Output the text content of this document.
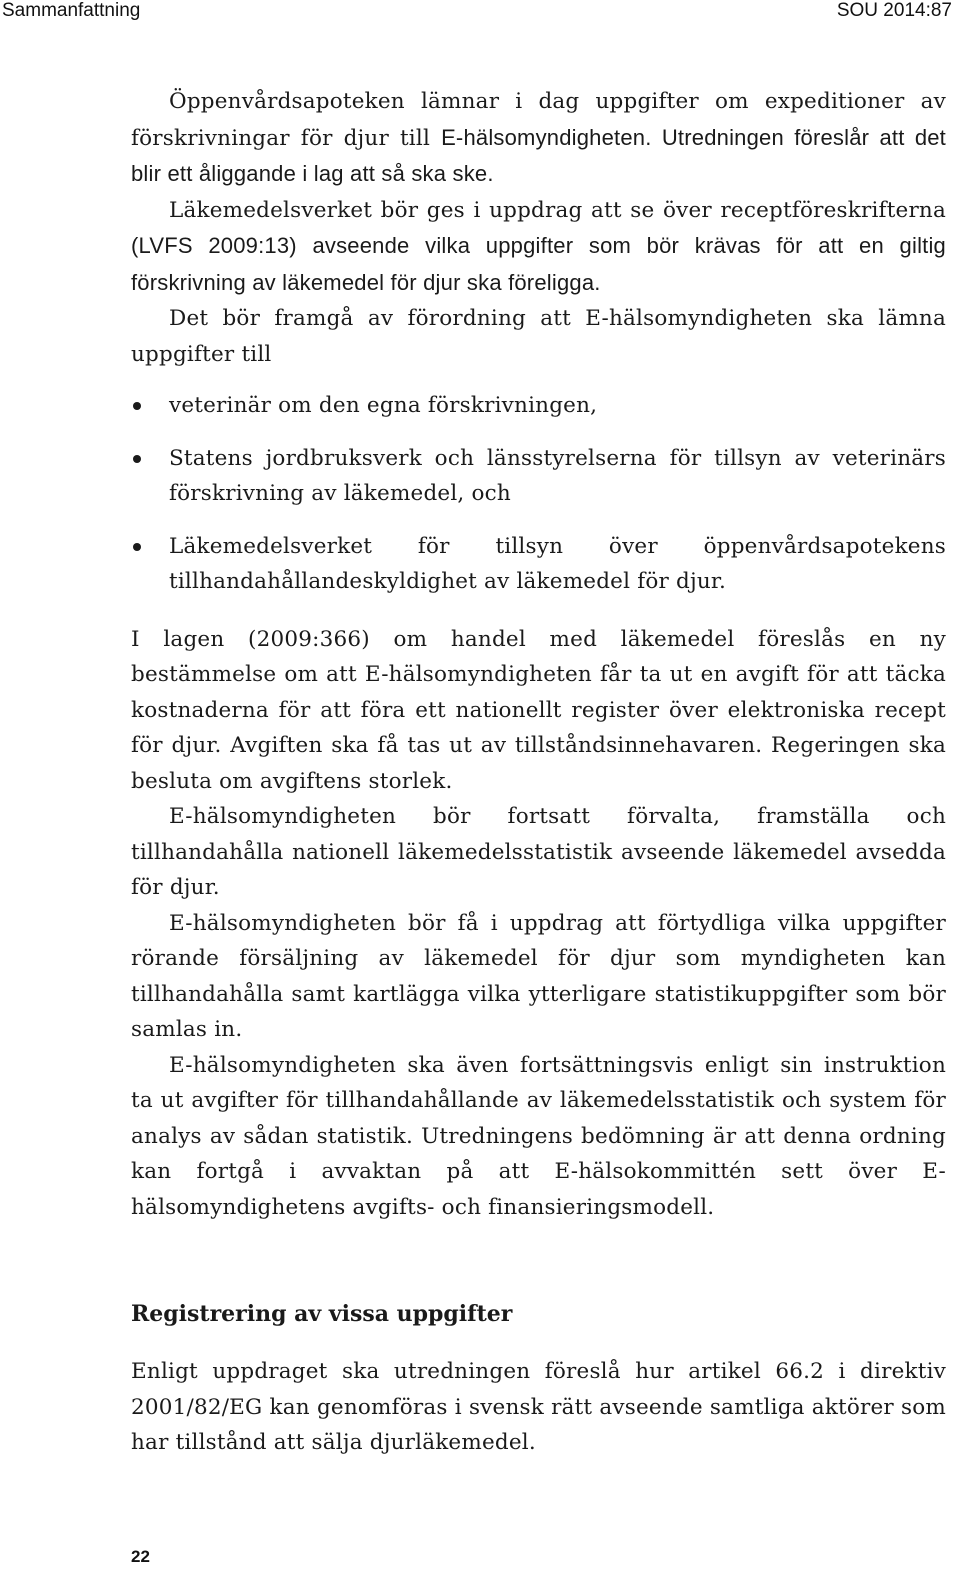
Sammanfattning	SOU 2014:87

Öppenvårdsapoteken lämnar i dag uppgifter om expeditioner av förskrivningar för djur till E-hälsomyndigheten. Utredningen föreslår att det blir ett åliggande i lag att så ska ske.

Läkemedelsverket bör ges i uppdrag att se över receptföreskrifterna (LVFS 2009:13) avseende vilka uppgifter som bör krävas för att en giltig förskrivning av läkemedel för djur ska föreligga.

Det bör framgå av förordning att E-hälsomyndigheten ska lämna uppgifter till

veterinär om den egna förskrivningen,
Statens jordbruksverk och länsstyrelserna för tillsyn av veterinärs förskrivning av läkemedel, och
Läkemedelsverket för tillsyn över öppenvårdsapotekens tillhandahållandeskyldighet av läkemedel för djur.

I lagen (2009:366) om handel med läkemedel föreslås en ny bestämmelse om att E-hälsomyndigheten får ta ut en avgift för att täcka kostnaderna för att föra ett nationellt register över elektroniska recept för djur. Avgiften ska få tas ut av tillståndsinnehavaren. Regeringen ska besluta om avgiftens storlek.

E-hälsomyndigheten bör fortsatt förvalta, framställa och tillhandahålla nationell läkemedelsstatistik avseende läkemedel avsedda för djur.

E-hälsomyndigheten bör få i uppdrag att förtydliga vilka uppgifter rörande försäljning av läkemedel för djur som myndigheten kan tillhandahålla samt kartlägga vilka ytterligare statistikuppgifter som bör samlas in.

E-hälsomyndigheten ska även fortsättningsvis enligt sin instruktion ta ut avgifter för tillhandahållande av läkemedelsstatistik och system för analys av sådan statistik. Utredningens bedömning är att denna ordning kan fortgå i avvaktan på att E-hälsokommittén sett över E-hälsomyndighetens avgifts- och finansieringsmodell.

Registrering av vissa uppgifter

Enligt uppdraget ska utredningen föreslå hur artikel 66.2 i direktiv 2001/82/EG kan genomföras i svensk rätt avseende samtliga aktörer som har tillstånd att sälja djurläkemedel.

22
